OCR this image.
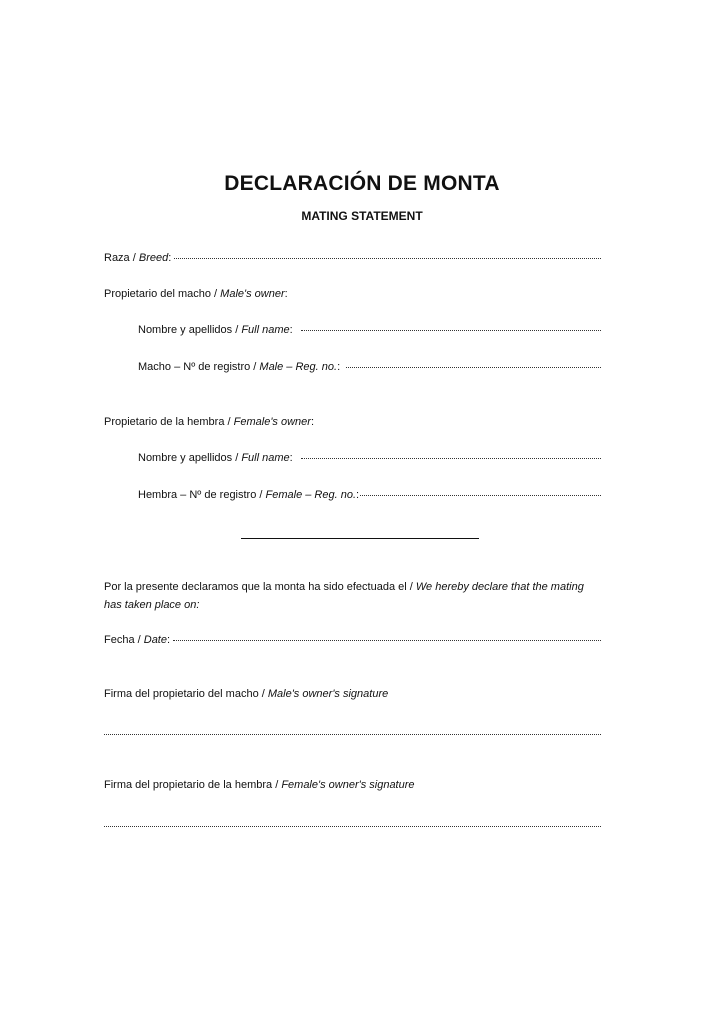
DECLARACIÓN DE MONTA
MATING STATEMENT
Raza / Breed:
Propietario del macho / Male's owner:
Nombre y apellidos / Full name:
Macho – Nº de registro / Male – Reg. no.:
Propietario de la hembra / Female's owner:
Nombre y apellidos / Full name:
Hembra – Nº de registro / Female – Reg. no.:
Por la presente declaramos que la monta ha sido efectuada el / We hereby declare that the mating has taken place on:
Fecha / Date:
Firma del propietario del macho / Male's owner's signature
Firma del propietario de la hembra / Female's owner's signature
